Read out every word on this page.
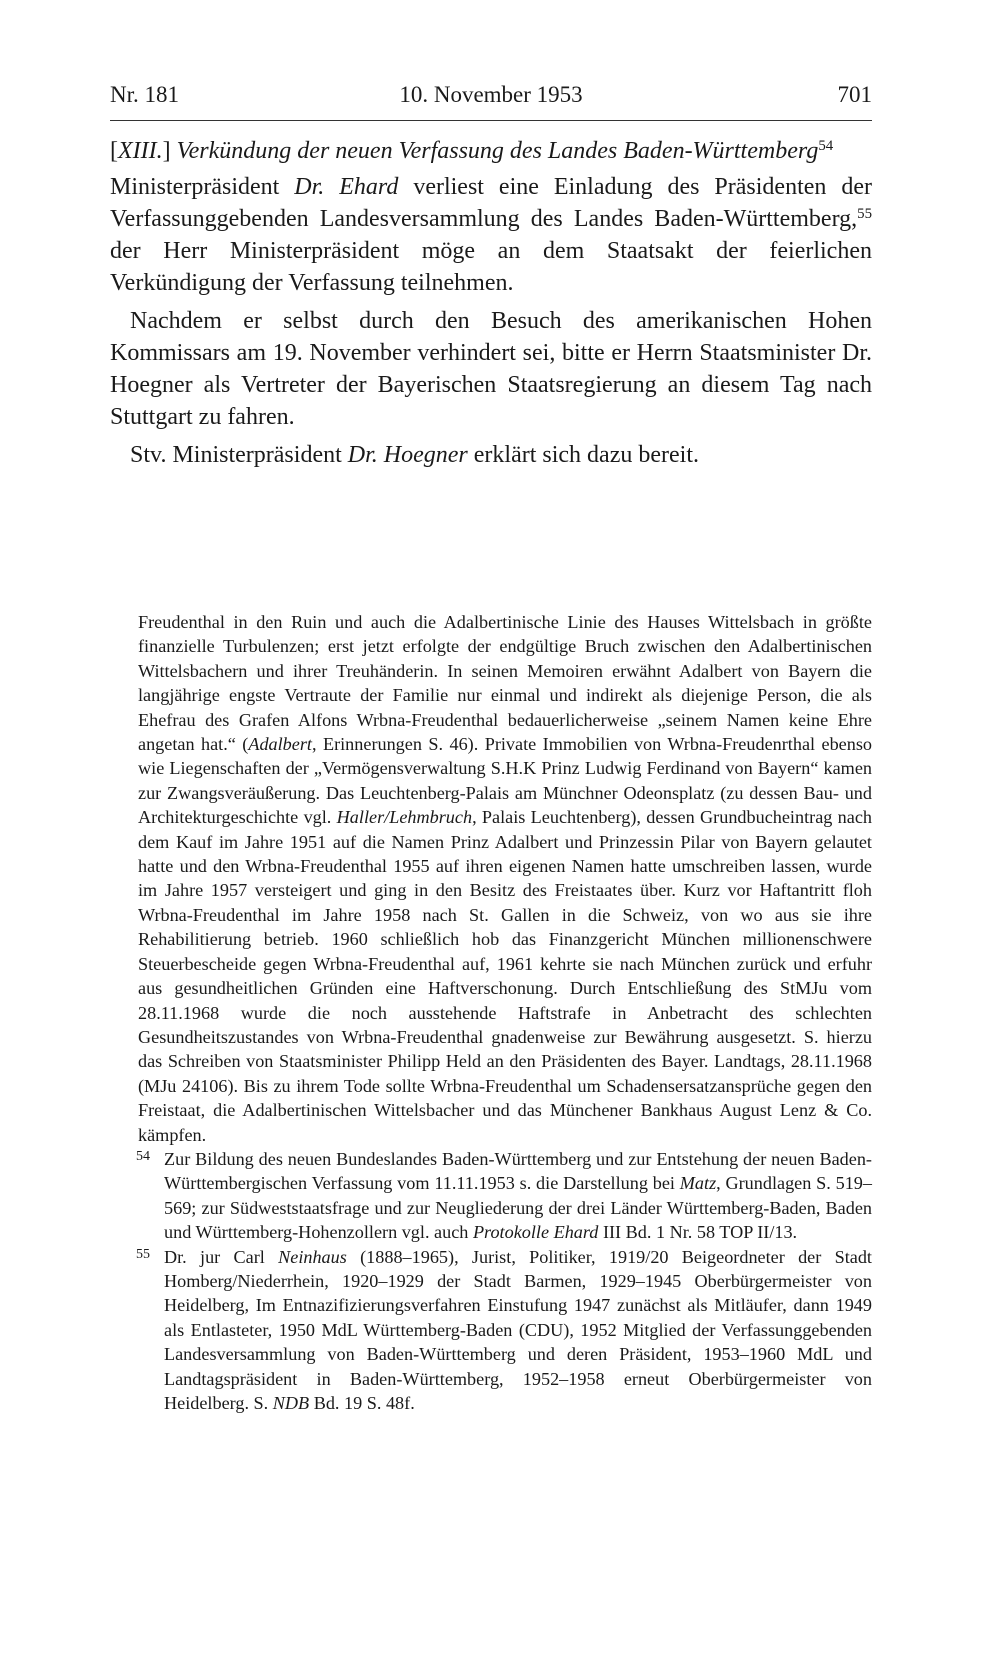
Nr. 181	10. November 1953	701
[XIII.] Verkündung der neuen Verfassung des Landes Baden-Württemberg$^{54}$

Ministerpräsident Dr. Ehard verliest eine Einladung des Präsidenten der Verfassunggebenden Landesversammlung des Landes Baden-Württemberg,$^{55}$ der Herr Ministerpräsident möge an dem Staatsakt der feierlichen Verkündigung der Verfassung teilnehmen.

Nachdem er selbst durch den Besuch des amerikanischen Hohen Kommissars am 19. November verhindert sei, bitte er Herrn Staatsminister Dr. Hoegner als Vertreter der Bayerischen Staatsregierung an diesem Tag nach Stuttgart zu fahren.

Stv. Ministerpräsident Dr. Hoegner erklärt sich dazu bereit.

Freudenthal in den Ruin und auch die Adalbertinische Linie des Hauses Wittelsbach in größte finanzielle Turbulenzen; erst jetzt erfolgte der endgültige Bruch zwischen den Adalbertinischen Wittelsbachern und ihrer Treuhänderin. In seinen Memoiren erwähnt Adalbert von Bayern die langjährige engste Vertraute der Familie nur einmal und indirekt als diejenige Person, die als Ehefrau des Grafen Alfons Wrbna-Freudenthal bedauerlicherweise „seinem Namen keine Ehre angetan hat.“ (Adalbert, Erinnerungen S. 46). Private Immobilien von Wrbna-Freudenrthal ebenso wie Liegenschaften der „Vermögensverwaltung S.H.K Prinz Ludwig Ferdinand von Bayern“ kamen zur Zwangsveräußerung. Das Leuchtenberg-Palais am Münchner Odeonsplatz (zu dessen Bau- und Architekturgeschichte vgl. Haller/Lehmbruch, Palais Leuchtenberg), dessen Grundbucheintrag nach dem Kauf im Jahre 1951 auf die Namen Prinz Adalbert und Prinzessin Pilar von Bayern gelautet hatte und den Wrbna-Freudenthal 1955 auf ihren eigenen Namen hatte umschreiben lassen, wurde im Jahre 1957 versteigert und ging in den Besitz des Freistaates über. Kurz vor Haftantritt floh Wrbna-Freudenthal im Jahre 1958 nach St. Gallen in die Schweiz, von wo aus sie ihre Rehabilitierung betrieb. 1960 schließlich hob das Finanzgericht München millionenschwere Steuerbescheide gegen Wrbna-Freudenthal auf, 1961 kehrte sie nach München zurück und erfuhr aus gesundheitlichen Gründen eine Haftverschonung. Durch Entschließung des StMJu vom 28.11.1968 wurde die noch ausstehende Haftstrafe in Anbetracht des schlechten Gesundheitszustandes von Wrbna-Freudenthal gnadenweise zur Bewährung ausgesetzt. S. hierzu das Schreiben von Staatsminister Philipp Held an den Präsidenten des Bayer. Landtags, 28.11.1968 (MJu 24106). Bis zu ihrem Tode sollte Wrbna-Freudenthal um Schadensersatzansprüche gegen den Freistaat, die Adalbertinischen Wittelsbacher und das Münchener Bankhaus August Lenz & Co. kämpfen.

54 Zur Bildung des neuen Bundeslandes Baden-Württemberg und zur Entstehung der neuen Baden-Württembergischen Verfassung vom 11.11.1953 s. die Darstellung bei Matz, Grundlagen S. 519–569; zur Südweststaatsfrage und zur Neugliederung der drei Länder Württemberg-Baden, Baden und Württemberg-Hohenzollern vgl. auch Protokolle Ehard III Bd. 1 Nr. 58 TOP II/13.

55 Dr. jur Carl Neinhaus (1888–1965), Jurist, Politiker, 1919/20 Beigeordneter der Stadt Homberg/Niederrhein, 1920–1929 der Stadt Barmen, 1929–1945 Oberbürgermeister von Heidelberg, Im Entnazifizierungsverfahren Einstufung 1947 zunächst als Mitläufer, dann 1949 als Entlasteter, 1950 MdL Württemberg-Baden (CDU), 1952 Mitglied der Verfassunggebenden Landesversammlung von Baden-Württemberg und deren Präsident, 1953–1960 MdL und Landtagspräsident in Baden-Württemberg, 1952–1958 erneut Oberbürgermeister von Heidelberg. S. NDB Bd. 19 S. 48f.
